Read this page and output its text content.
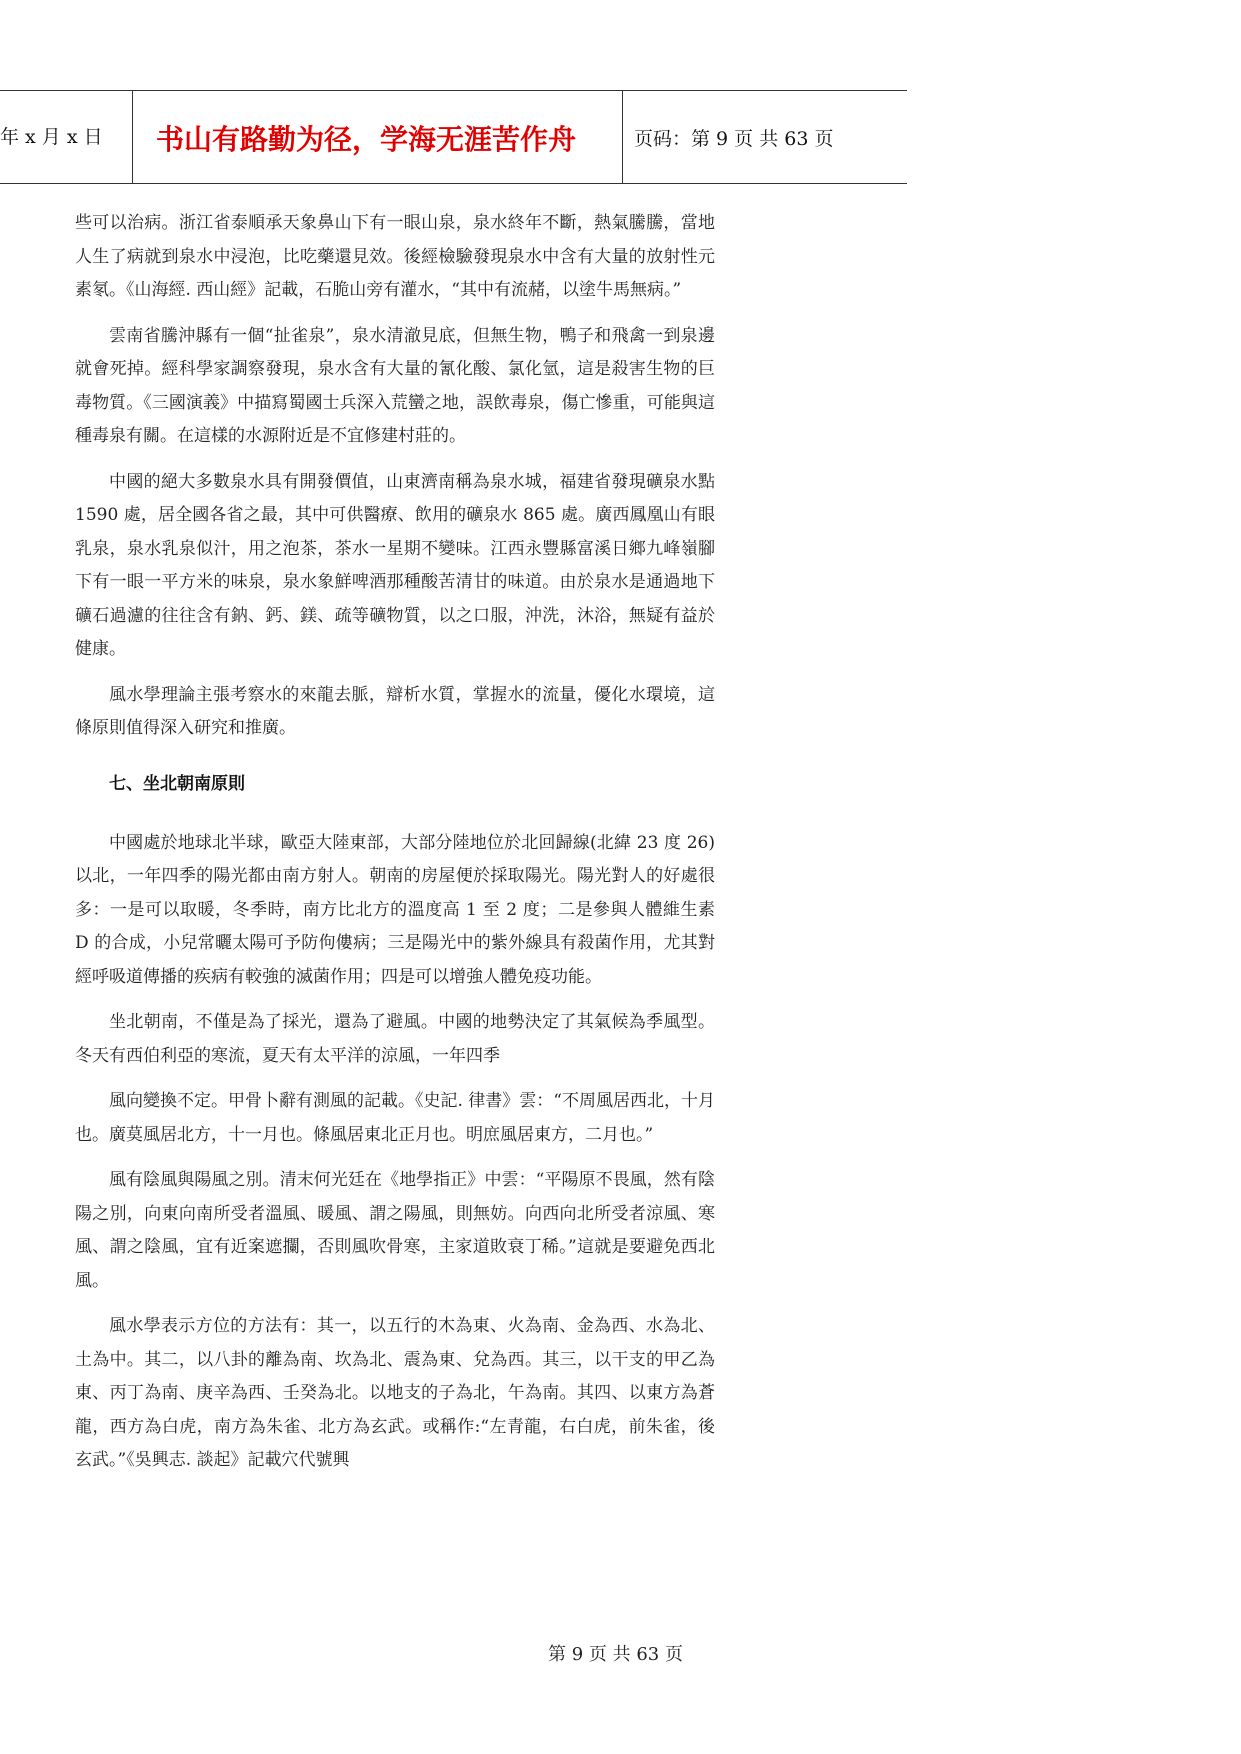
年 x 月 x 日 书山有路勤为径，学海无涯苦作舟	页码：第 9 页 共 63 页

些可以治病。浙江省泰順承天象鼻山下有一眼山泉，泉水終年不斷，熱氣騰騰，當地人生了病就到泉水中浸泡，比吃藥還見效。後經檢驗發現泉水中含有大量的放射性元素氡。《山海經. 西山經》記載，石脆山旁有灌水，“其中有流赭，以塗牛馬無病。”

雲南省騰沖縣有一個“扯雀泉”，泉水清澈見底，但無生物，鴨子和飛禽一到泉邊就會死掉。經科學家調察發現，泉水含有大量的氰化酸、氯化氫，這是殺害生物的巨毒物質。《三國演義》中描寫蜀國士兵深入荒蠻之地，誤飲毒泉，傷亡慘重，可能與這種毒泉有關。在這樣的水源附近是不宜修建村莊的。

中國的絕大多數泉水具有開發價值，山東濟南稱為泉水城，福建省發現礦泉水點 1590 處，居全國各省之最，其中可供醫療、飲用的礦泉水 865 處。廣西鳳凰山有眼乳泉，泉水乳泉似汁，用之泡茶，茶水一星期不變味。江西永豐縣富溪日鄉九峰嶺腳下有一眼一平方米的味泉，泉水象鮮啤酒那種酸苦清甘的味道。由於泉水是通過地下礦石過濾的往往含有鈉、鈣、鎂、疏等礦物質，以之口服，沖洗，沐浴，無疑有益於健康。

風水學理論主張考察水的來龍去脈，辯析水質，掌握水的流量，優化水環境，這條原則值得深入研究和推廣。

七、坐北朝南原則

中國處於地球北半球，歐亞大陸東部，大部分陸地位於北回歸線(北緯 23 度 26)以北，一年四季的陽光都由南方射人。朝南的房屋便於採取陽光。陽光對人的好處很多：一是可以取暖，冬季時，南方比北方的溫度高 1 至 2 度；二是參與人體維生素 D 的合成，小兒常曬太陽可予防佝僂病；三是陽光中的紫外線具有殺菌作用，尤其對經呼吸道傳播的疾病有較強的滅菌作用；四是可以增強人體免疫功能。

坐北朝南，不僅是為了採光，還為了避風。中國的地勢決定了其氣候為季風型。冬天有西伯利亞的寒流，夏天有太平洋的涼風，一年四季

風向變換不定。甲骨卜辭有測風的記載。《史記. 律書》雲：“不周風居西北，十月也。廣莫風居北方，十一月也。條風居東北正月也。明庶風居東方，二月也。”

風有陰風與陽風之別。清末何光廷在《地學指正》中雲：“平陽原不畏風，然有陰陽之別，向東向南所受者溫風、暖風、謂之陽風，則無妨。向西向北所受者涼風、寒風、謂之陰風，宜有近案遮攔，否則風吹骨寒，主家道敗衰丁稀。”這就是要避免西北風。

風水學表示方位的方法有：其一，以五行的木為東、火為南、金為西、水為北、土為中。其二，以八卦的離為南、坎為北、震為東、兌為西。其三，以干支的甲乙為東、丙丁為南、庚辛為西、壬癸為北。以地支的子為北，午為南。其四、以東方為蒼龍，西方為白虎，南方為朱雀、北方為玄武。或稱作:“左青龍，右白虎，前朱雀，後玄武。”《吳興志. 談起》記載穴代號興

第 9 页 共 63 页
